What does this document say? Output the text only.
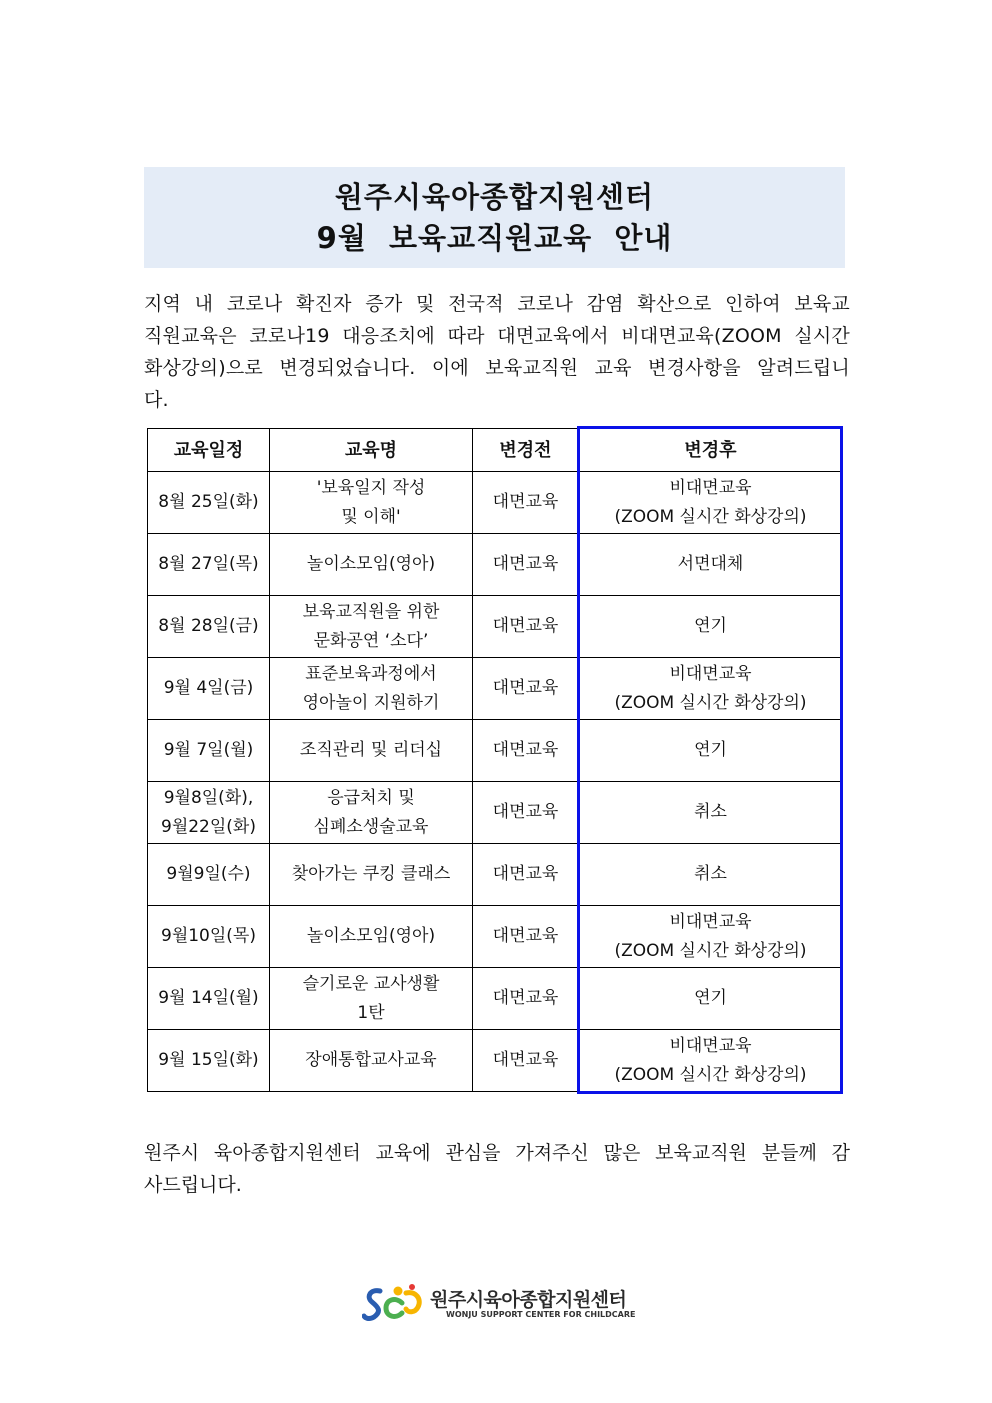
원주시육아종합지원센터
9월  보육교직원교육  안내
지역 내 코로나 확진자 증가 및 전국적 코로나 감염 확산으로 인하여 보육교
직원교육은 코로나19 대응조치에 따라 대면교육에서 비대면교육(ZOOM 실시간
화상강의)으로 변경되었습니다. 이에 보육교직원 교육 변경사항을 알려드립니
다.
교육일정	교육명	변경전	변경후

8월 25일(화)	'보육일지 작성
및 이해'	대면교육	비대면교육
(ZOOM 실시간 화상강의)

8월 27일(목)	놀이소모임(영아)	대면교육	서면대체

8월 28일(금)	보육교직원을 위한
문화공연 ‘소다’	대면교육	연기

9월 4일(금)	표준보육과정에서
영아놀이 지원하기	대면교육	비대면교육
(ZOOM 실시간 화상강의)

9월 7일(월)	조직관리 및 리더십	대면교육	연기

9월8일(화),
9월22일(화)	응급처치 및
심폐소생술교육	대면교육	취소

9월9일(수)	찾아가는 쿠킹 클래스	대면교육	취소

9월10일(목)	놀이소모임(영아)	대면교육	비대면교육
(ZOOM 실시간 화상강의)

9월 14일(월)	슬기로운 교사생활
1탄	대면교육	연기

9월 15일(화)	장애통합교사교육	대면교육	비대면교육
(ZOOM 실시간 화상강의)
원주시 육아종합지원센터 교육에 관심을 가져주신 많은 보육교직원 분들께 감
사드립니다.
원주시육아종합지원센터
WONJU SUPPORT CENTER FOR CHILDCARE
